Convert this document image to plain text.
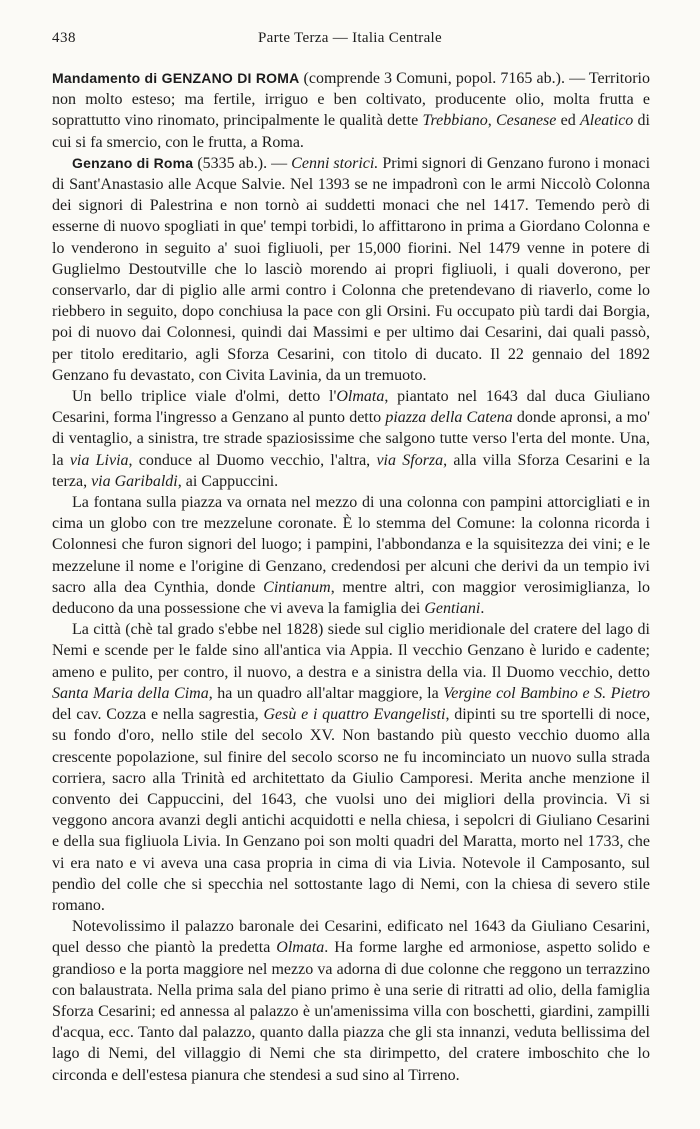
438	Parte Terza — Italia Centrale

Mandamento di GENZANO DI ROMA (comprende 3 Comuni, popol. 7165 ab.). — Territorio non molto esteso; ma fertile, irriguo e ben coltivato, producente olio, molta frutta e soprattutto vino rinomato, principalmente le qualità dette Trebbiano, Cesanese ed Aleatico di cui si fa smercio, con le frutta, a Roma.

Genzano di Roma (5335 ab.). — Cenni storici. Primi signori di Genzano furono i monaci di Sant'Anastasio alle Acque Salvie. Nel 1393 se ne impadronì con le armi Niccolò Colonna dei signori di Palestrina e non tornò ai suddetti monaci che nel 1417. Temendo però di esserne di nuovo spogliati in que' tempi torbidi, lo affittarono in prima a Giordano Colonna e lo venderono in seguito a' suoi figliuoli, per 15,000 fiorini. Nel 1479 venne in potere di Guglielmo Destoutville che lo lasciò morendo ai propri figliuoli, i quali doverono, per conservarlo, dar di piglio alle armi contro i Colonna che pretendevano di riaverlo, come lo riebbero in seguito, dopo conchiusa la pace con gli Orsini. Fu occupato più tardi dai Borgia, poi di nuovo dai Colonnesi, quindi dai Massimi e per ultimo dai Cesarini, dai quali passò, per titolo ereditario, agli Sforza Cesarini, con titolo di ducato. Il 22 gennaio del 1892 Genzano fu devastato, con Civita Lavinia, da un tremuoto.

Un bello triplice viale d'olmi, detto l'Olmata, piantato nel 1643 dal duca Giuliano Cesarini, forma l'ingresso a Genzano al punto detto piazza della Catena donde apronsi, a mo' di ventaglio, a sinistra, tre strade spaziosissime che salgono tutte verso l'erta del monte. Una, la via Livia, conduce al Duomo vecchio, l'altra, via Sforza, alla villa Sforza Cesarini e la terza, via Garibaldi, ai Cappuccini.

La fontana sulla piazza va ornata nel mezzo di una colonna con pampini attorcigliati e in cima un globo con tre mezzelune coronate. È lo stemma del Comune: la colonna ricorda i Colonnesi che furon signori del luogo; i pampini, l'abbondanza e la squisitezza dei vini; e le mezzelune il nome e l'origine di Genzano, credendosi per alcuni che derivi da un tempio ivi sacro alla dea Cynthia, donde Cintianum, mentre altri, con maggior verosimiglianza, lo deducono da una possessione che vi aveva la famiglia dei Gentiani.

La città (chè tal grado s'ebbe nel 1828) siede sul ciglio meridionale del cratere del lago di Nemi e scende per le falde sino all'antica via Appia. Il vecchio Genzano è lurido e cadente; ameno e pulito, per contro, il nuovo, a destra e a sinistra della via. Il Duomo vecchio, detto Santa Maria della Cima, ha un quadro all'altar maggiore, la Vergine col Bambino e S. Pietro del cav. Cozza e nella sagrestia, Gesù e i quattro Evangelisti, dipinti su tre sportelli di noce, su fondo d'oro, nello stile del secolo XV. Non bastando più questo vecchio duomo alla crescente popolazione, sul finire del secolo scorso ne fu incominciato un nuovo sulla strada corriera, sacro alla Trinità ed architettato da Giulio Camporesi. Merita anche menzione il convento dei Cappuccini, del 1643, che vuolsi uno dei migliori della provincia. Vi si veggono ancora avanzi degli antichi acquidotti e nella chiesa, i sepolcri di Giuliano Cesarini e della sua figliuola Livia. In Genzano poi son molti quadri del Maratta, morto nel 1733, che vi era nato e vi aveva una casa propria in cima di via Livia. Notevole il Camposanto, sul pendìo del colle che si specchia nel sottostante lago di Nemi, con la chiesa di severo stile romano.

Notevolissimo il palazzo baronale dei Cesarini, edificato nel 1643 da Giuliano Cesarini, quel desso che piantò la predetta Olmata. Ha forme larghe ed armoniose, aspetto solido e grandioso e la porta maggiore nel mezzo va adorna di due colonne che reggono un terrazzino con balaustrata. Nella prima sala del piano primo è una serie di ritratti ad olio, della famiglia Sforza Cesarini; ed annessa al palazzo è un'amenissima villa con boschetti, giardini, zampilli d'acqua, ecc. Tanto dal palazzo, quanto dalla piazza che gli sta innanzi, veduta bellissima del lago di Nemi, del villaggio di Nemi che sta dirimpetto, del cratere imboschito che lo circonda e dell'estesa pianura che stendesi a sud sino al Tirreno.
